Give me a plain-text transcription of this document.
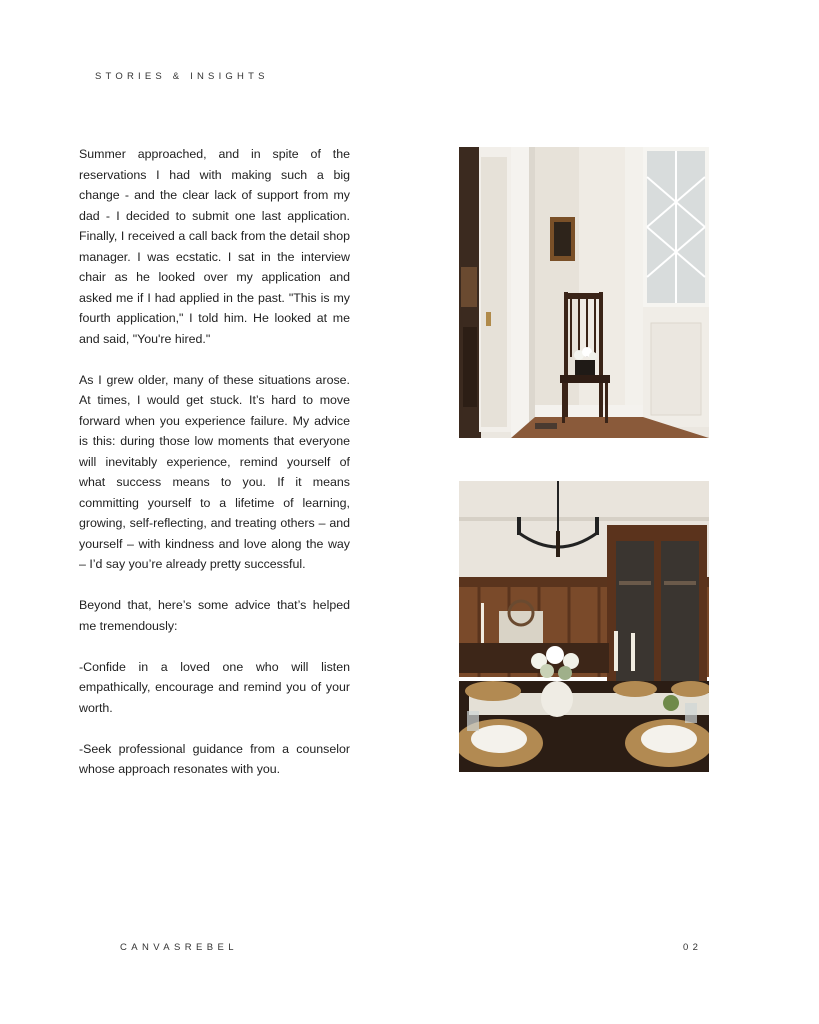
STORIES & INSIGHTS

Summer approached, and in spite of the reservations I had with making such a big change - and the clear lack of support from my dad - I decided to submit one last application. Finally, I received a call back from the detail shop manager. I was ecstatic. I sat in the interview chair as he looked over my application and asked me if I had applied in the past. "This is my fourth application," I told him. He looked at me and said, "You're hired."

As I grew older, many of these situations arose. At times, I would get stuck. It’s hard to move forward when you experience failure. My advice is this: during those low moments that everyone will inevitably experience, remind yourself of what success means to you. If it means committing yourself to a lifetime of learning, growing, self-reflecting, and treating others – and yourself – with kindness and love along the way – I’d say you’re already pretty successful.

Beyond that, here’s some advice that’s helped me tremendously:

-Confide in a loved one who will listen empathically, encourage and remind you of your worth.

-Seek professional guidance from a counselor whose approach resonates with you.

CANVASREBEL	02
